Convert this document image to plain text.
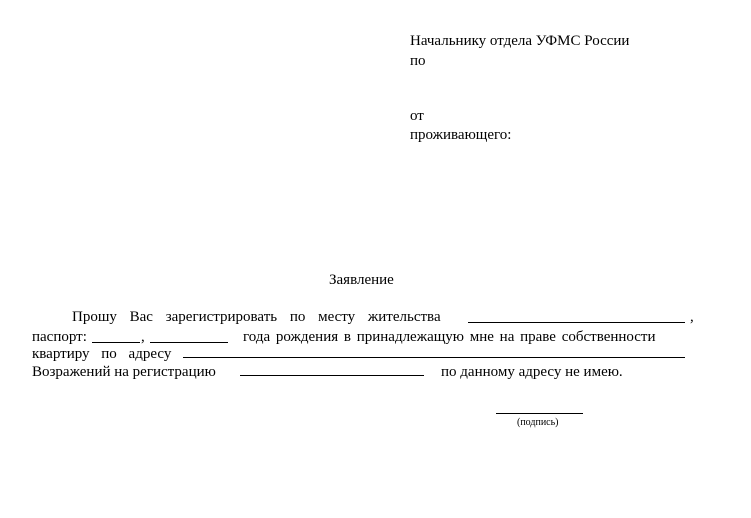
Начальнику отдела УФМС России
по
от
проживающего:
Заявление
Прошу Вас зарегистрировать по месту жительства	,
паспорт:	,	года рождения в принадлежащую мне на праве собственности
квартиру по адресу
Возражений на регистрацию	по данному адресу не имею.
(подпись)
